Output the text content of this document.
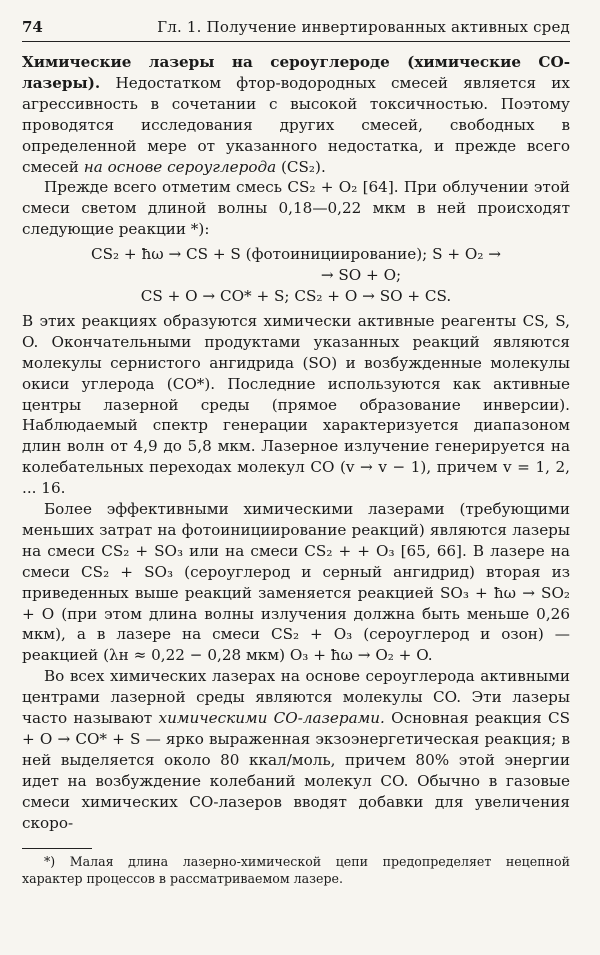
74	Гл. 1. Получение инвертированных активных сред

Химические лазеры на сероуглероде (химические СО-лазеры). Недостатком фтор-водородных смесей является их агрессивность в сочетании с высокой токсичностью. Поэтому проводятся исследования других смесей, свободных в определенной мере от указанного недостатка, и прежде всего смесей на основе сероуглерода (CS₂).

Прежде всего отметим смесь CS₂ + O₂ [64]. При облучении этой смеси светом длиной волны 0,18—0,22 мкм в ней происходят следующие реакции *):

CS₂ + ħω → CS + S (фотоинициирование); S + O₂ →
→ SO + O;
CS + O → CO* + S; CS₂ + O → SO + CS.

В этих реакциях образуются химически активные реагенты CS, S, O. Окончательными продуктами указанных реакций являются молекулы сернистого ангидрида (SO) и возбужденные молекулы окиси углерода (CO*). Последние используются как активные центры лазерной среды (прямое образование инверсии). Наблюдаемый спектр генерации характеризуется диапазоном длин волн от 4,9 до 5,8 мкм. Лазерное излучение генерируется на колебательных переходах молекул CO (v → v − 1), причем v = 1, 2, ... 16.

Более эффективными химическими лазерами (требующими меньших затрат на фотоинициирование реакций) являются лазеры на смеси CS₂ + SO₃ или на смеси CS₂ + + O₃ [65, 66]. В лазере на смеси CS₂ + SO₃ (сероуглерод и серный ангидрид) вторая из приведенных выше реакций заменяется реакцией SO₃ + ħω → SO₂ + O (при этом длина волны излучения должна быть меньше 0,26 мкм), а в лазере на смеси CS₂ + O₃ (сероуглерод и озон) — реакцией (λн ≈ 0,22 − 0,28 мкм) O₃ + ħω → O₂ + O.

Во всех химических лазерах на основе сероуглерода активными центрами лазерной среды являются молекулы CO. Эти лазеры часто называют химическими СО-лазерами. Основная реакция CS + O → CO* + S — ярко выраженная экзоэнергетическая реакция; в ней выделяется около 80 ккал/моль, причем 80% этой энергии идет на возбуждение колебаний молекул CO. Обычно в газовые смеси химических СО-лазеров вводят добавки для увеличения скоро-

*) Малая длина лазерно-химической цепи предопределяет нецепной характер процессов в рассматриваемом лазере.
